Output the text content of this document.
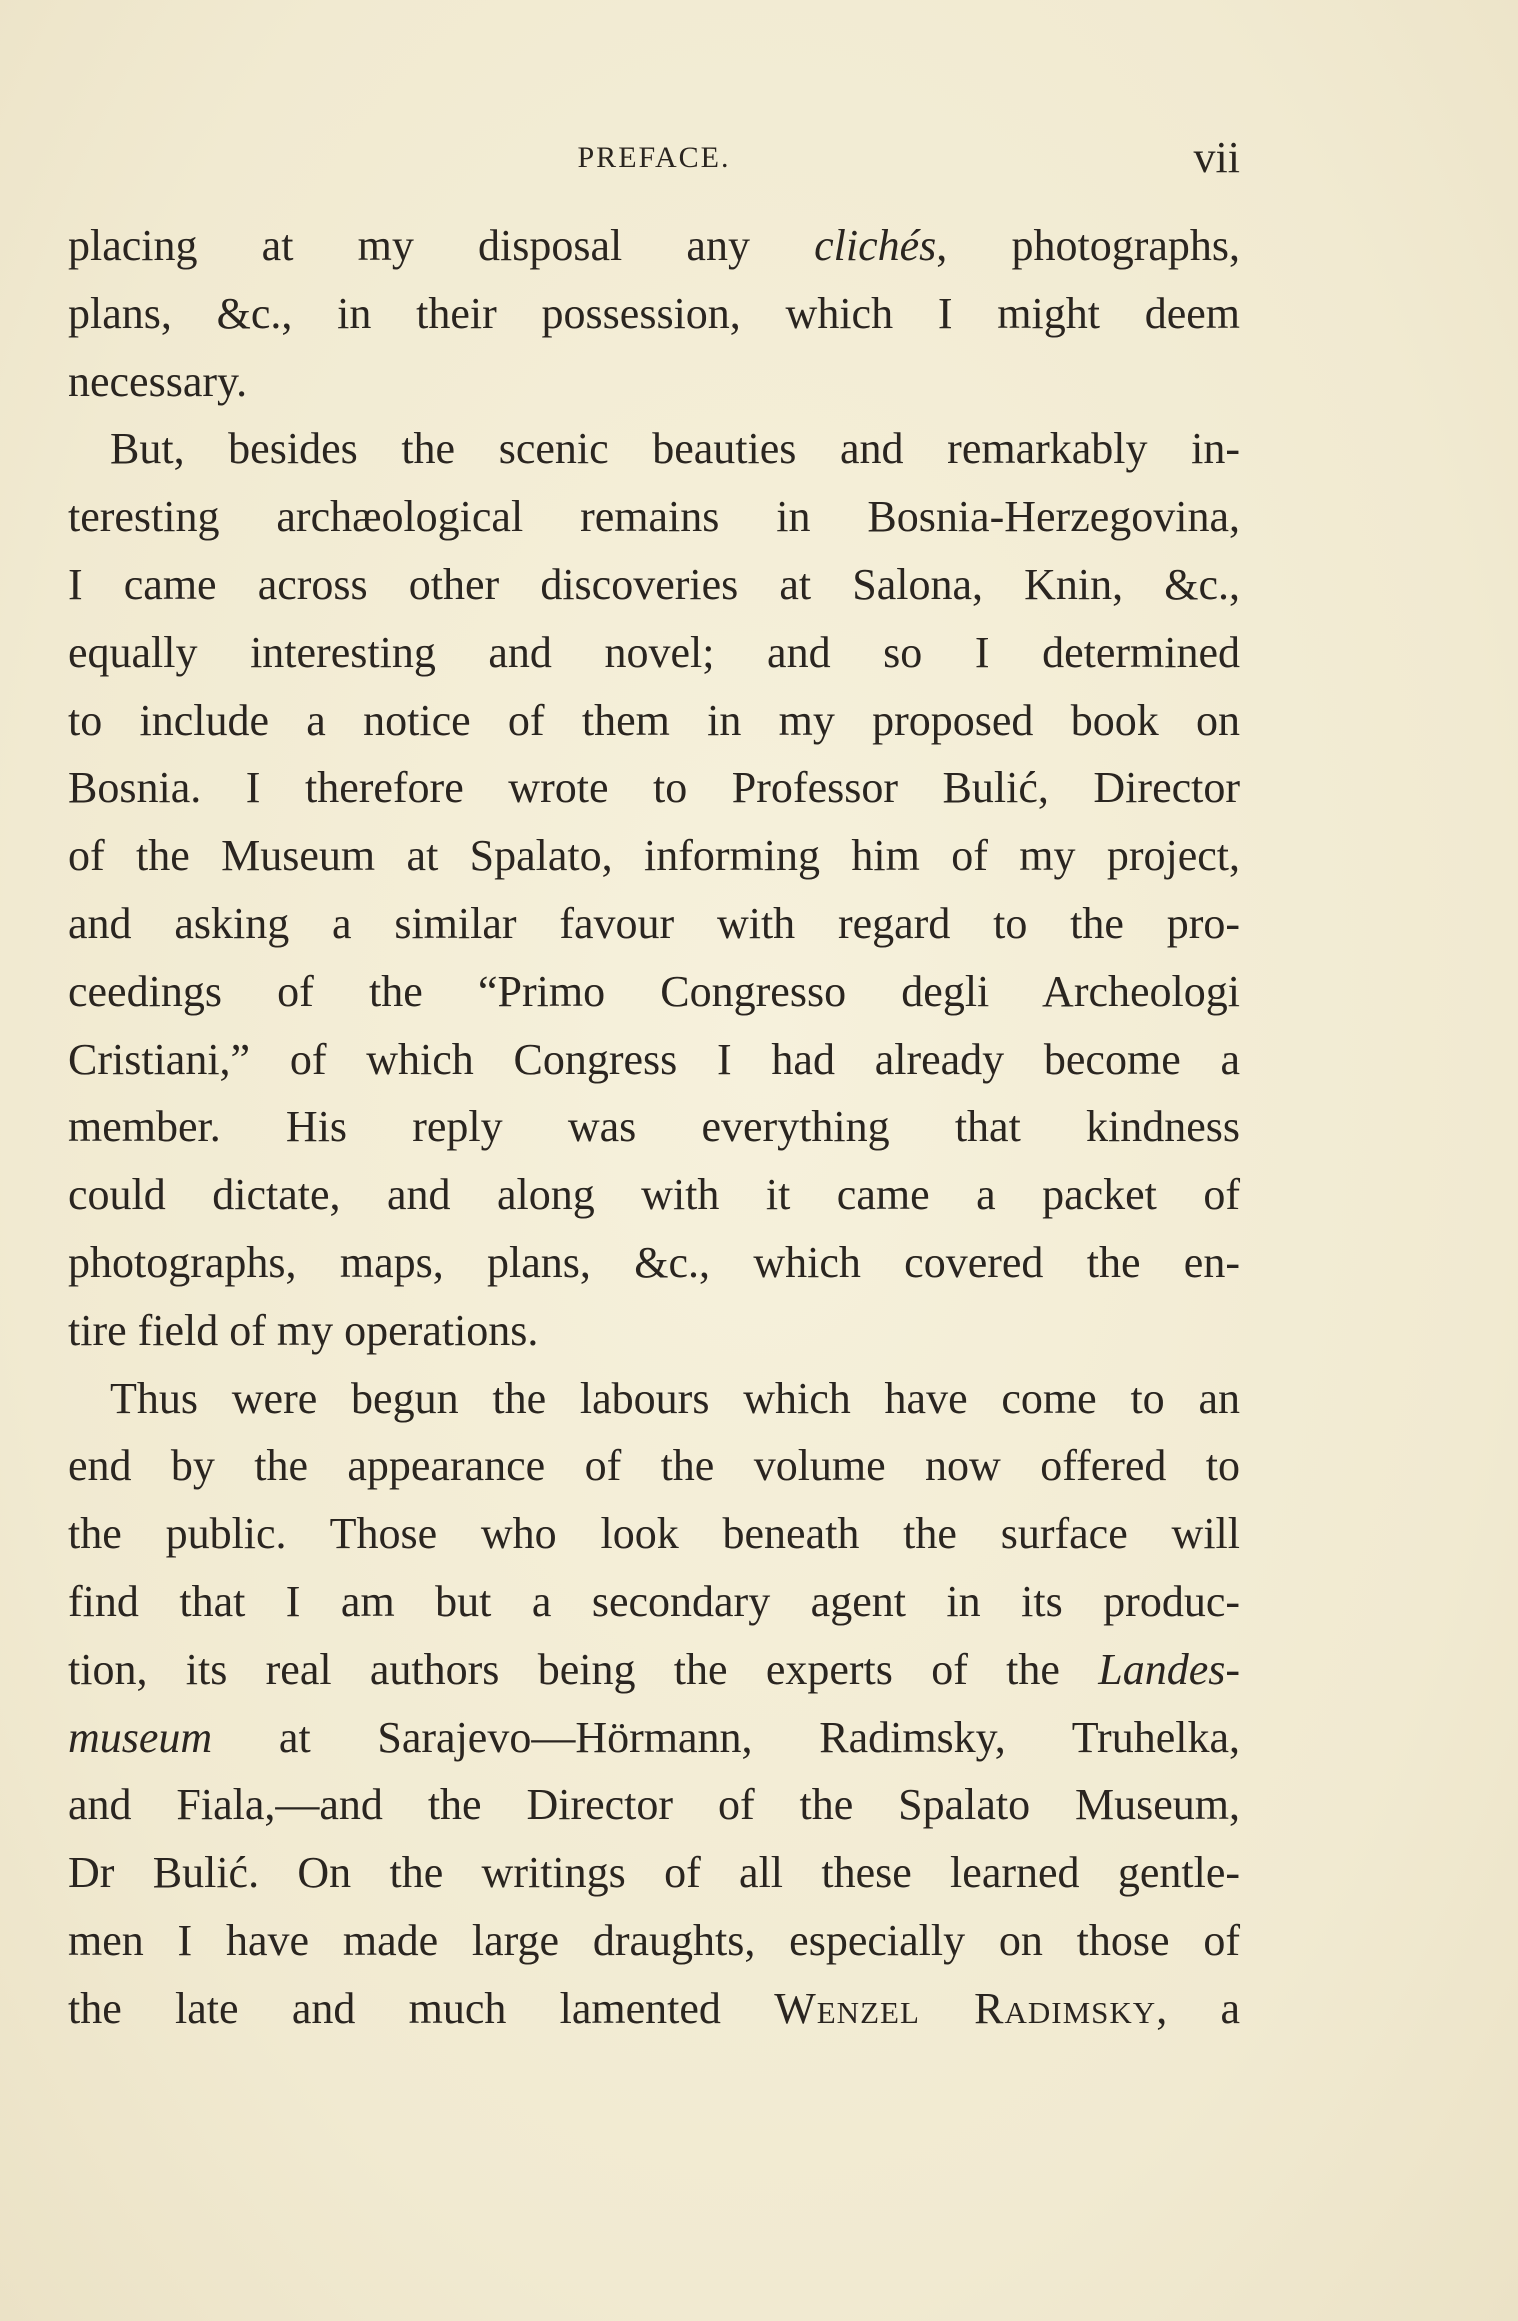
PREFACE.	vii
placing at my disposal any clichés, photographs,
plans, &c., in their possession, which I might deem
necessary.
But, besides the scenic beauties and remarkably in-
teresting archæological remains in Bosnia-Herzegovina,
I came across other discoveries at Salona, Knin, &c.,
equally interesting and novel; and so I determined
to include a notice of them in my proposed book on
Bosnia. I therefore wrote to Professor Bulić, Director
of the Museum at Spalato, informing him of my project,
and asking a similar favour with regard to the pro-
ceedings of the “Primo Congresso degli Archeologi
Cristiani,” of which Congress I had already become a
member. His reply was everything that kindness
could dictate, and along with it came a packet of
photographs, maps, plans, &c., which covered the en-
tire field of my operations.
Thus were begun the labours which have come to an
end by the appearance of the volume now offered to
the public. Those who look beneath the surface will
find that I am but a secondary agent in its produc-
tion, its real authors being the experts of the Landes-
museum at Sarajevo—Hörmann, Radimsky, Truhelka,
and Fiala,—and the Director of the Spalato Museum,
Dr Bulić. On the writings of all these learned gentle-
men I have made large draughts, especially on those of
the late and much lamented Wenzel Radimsky, a
